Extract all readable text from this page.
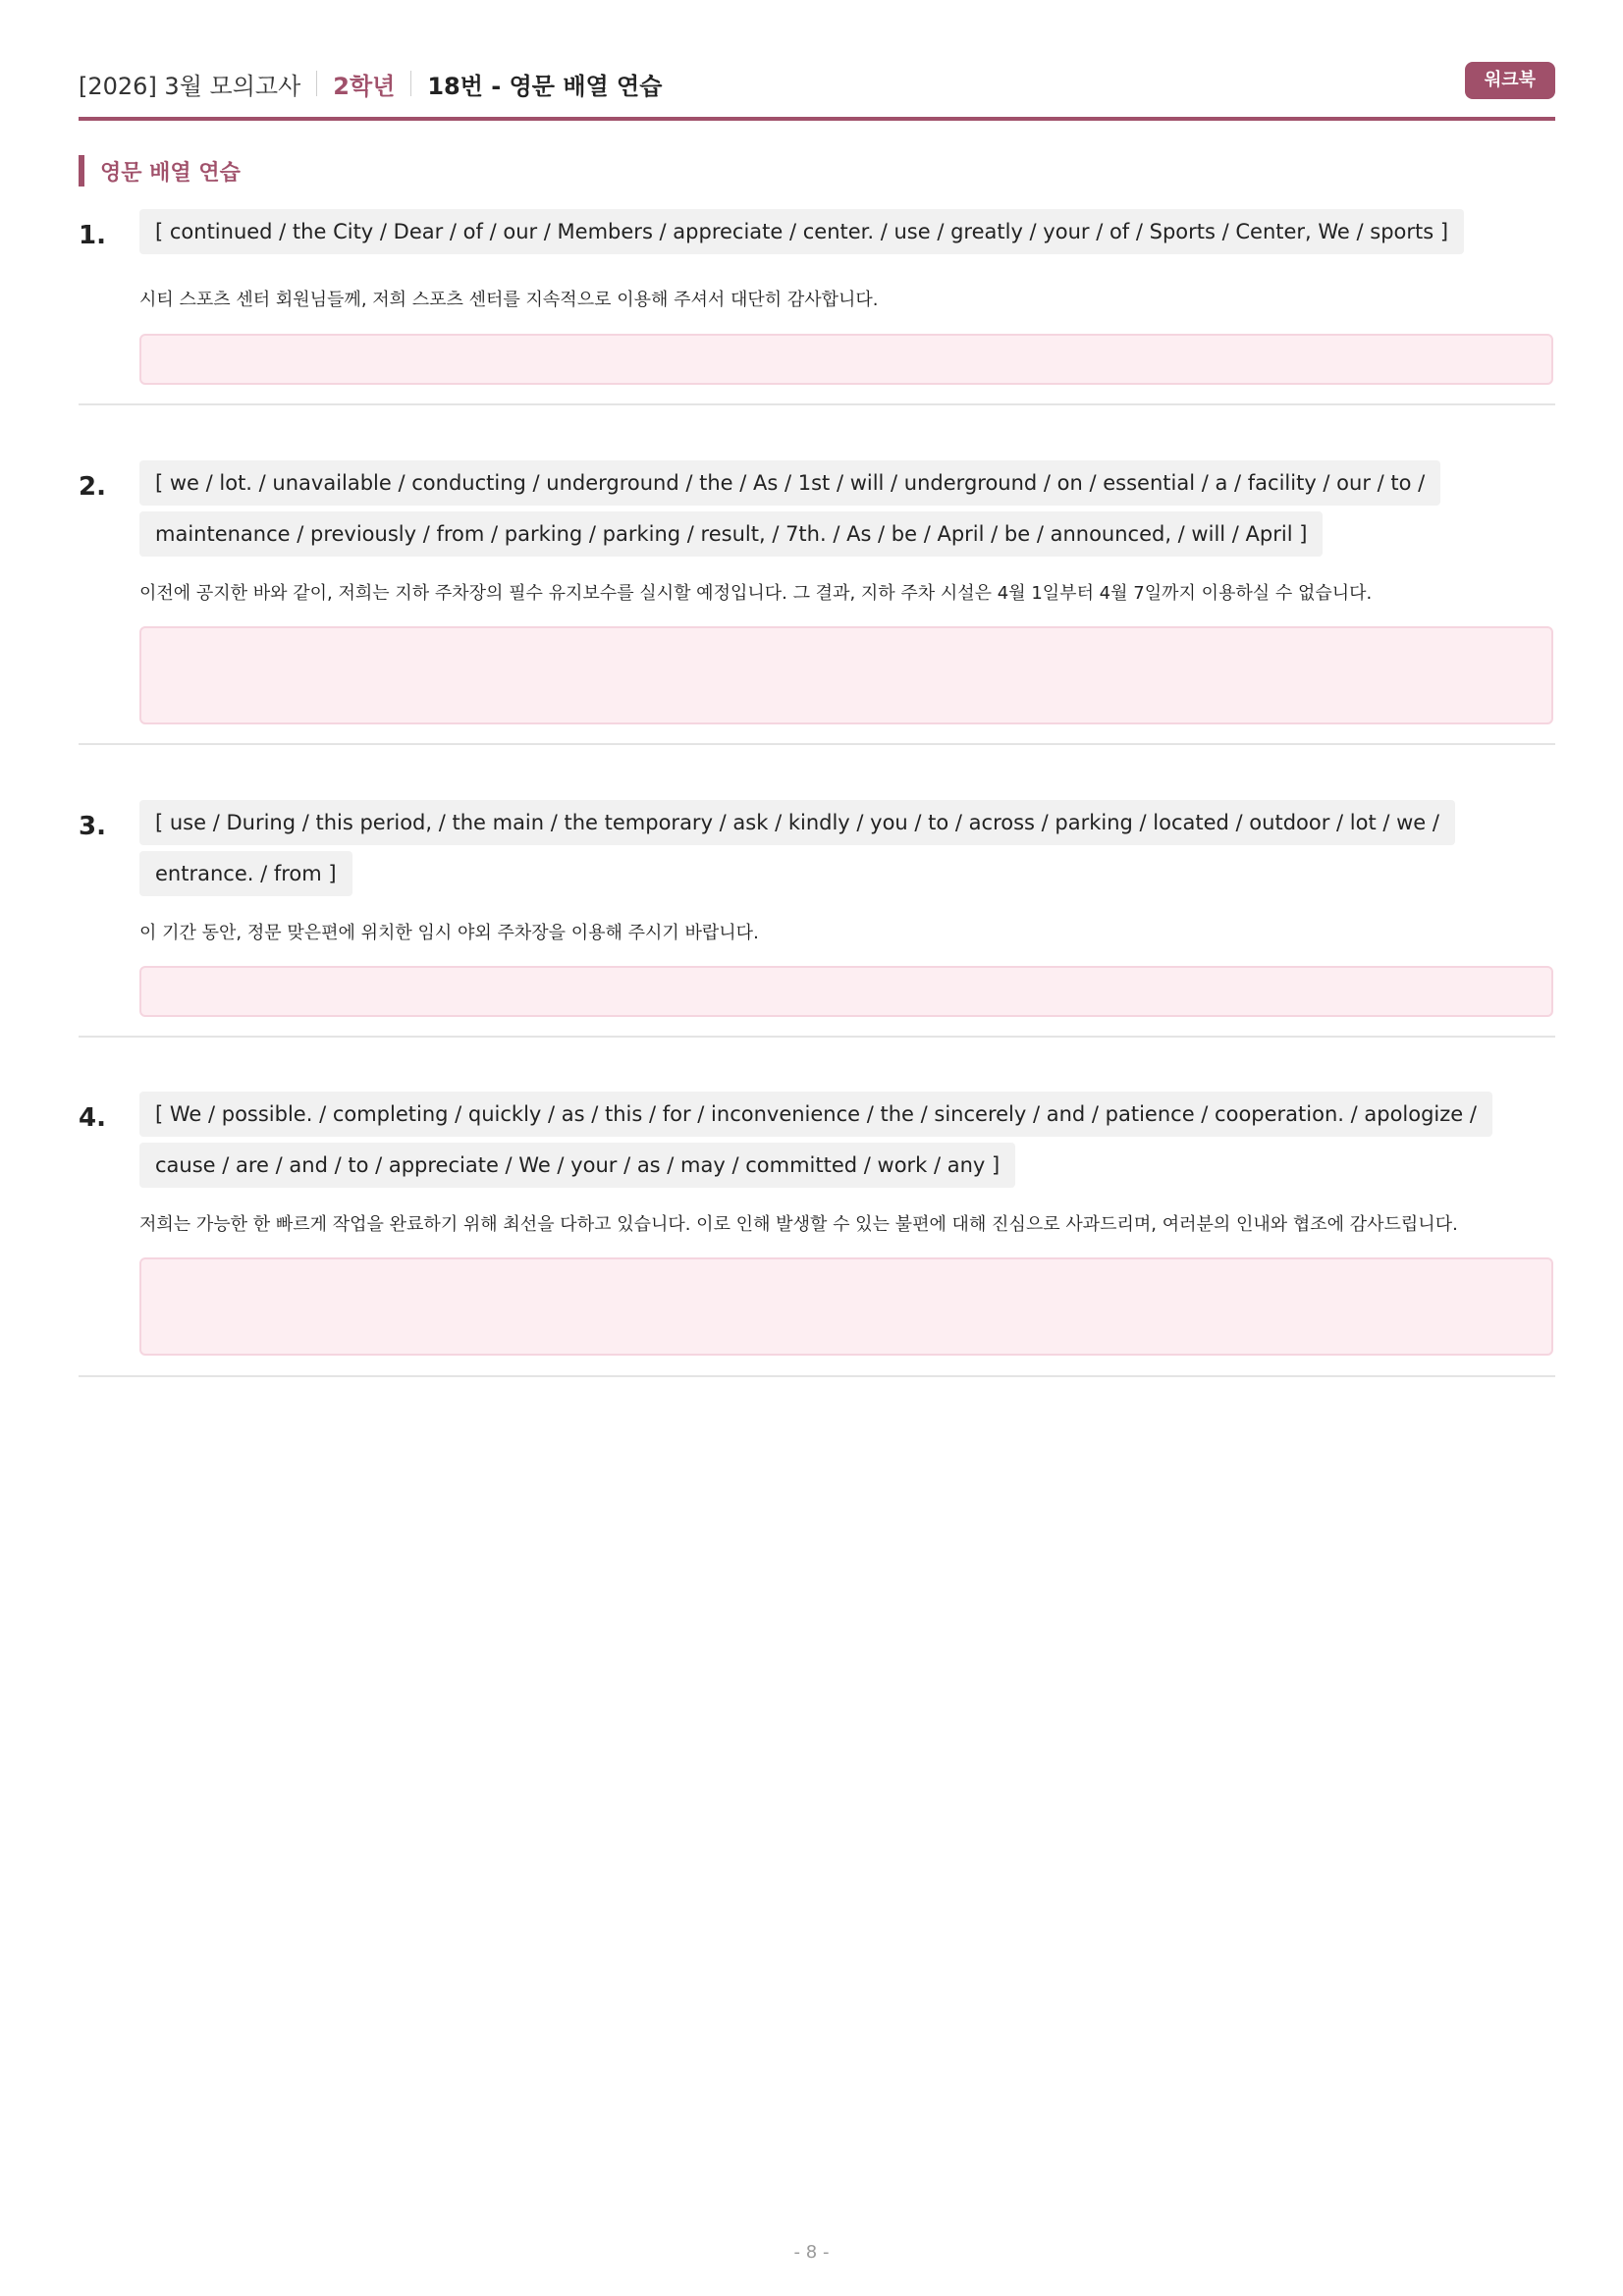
[2026] 3월 모의고사 2학년 18번 - 영문 배열 연습	워크북
영문 배열 연습
1.	[ continued / the City / Dear / of / our / Members / appreciate / center. / use / greatly / your / of / Sports / Center, We / sports ]
시티 스포츠 센터 회원님들께, 저희 스포츠 센터를 지속적으로 이용해 주셔서 대단히 감사합니다.
2.	[ we / lot. / unavailable / conducting / underground / the / As / 1st / will / underground / on / essential / a / facility / our / to / maintenance / previously / from / parking / parking / result, / 7th. / As / be / April / be / announced, / will / April ]
이전에 공지한 바와 같이, 저희는 지하 주차장의 필수 유지보수를 실시할 예정입니다. 그 결과, 지하 주차 시설은 4월 1일부터 4월 7일까지 이용하실 수 없습니다.
3.	[ use / During / this period, / the main / the temporary / ask / kindly / you / to / across / parking / located / outdoor / lot / we / entrance. / from ]
이 기간 동안, 정문 맞은편에 위치한 임시 야외 주차장을 이용해 주시기 바랍니다.
4.	[ We / possible. / completing / quickly / as / this / for / inconvenience / the / sincerely / and / patience / cooperation. / apologize / cause / are / and / to / appreciate / We / your / as / may / committed / work / any ]
저희는 가능한 한 빠르게 작업을 완료하기 위해 최선을 다하고 있습니다. 이로 인해 발생할 수 있는 불편에 대해 진심으로 사과드리며, 여러분의 인내와 협조에 감사드립니다.
- 8 -
